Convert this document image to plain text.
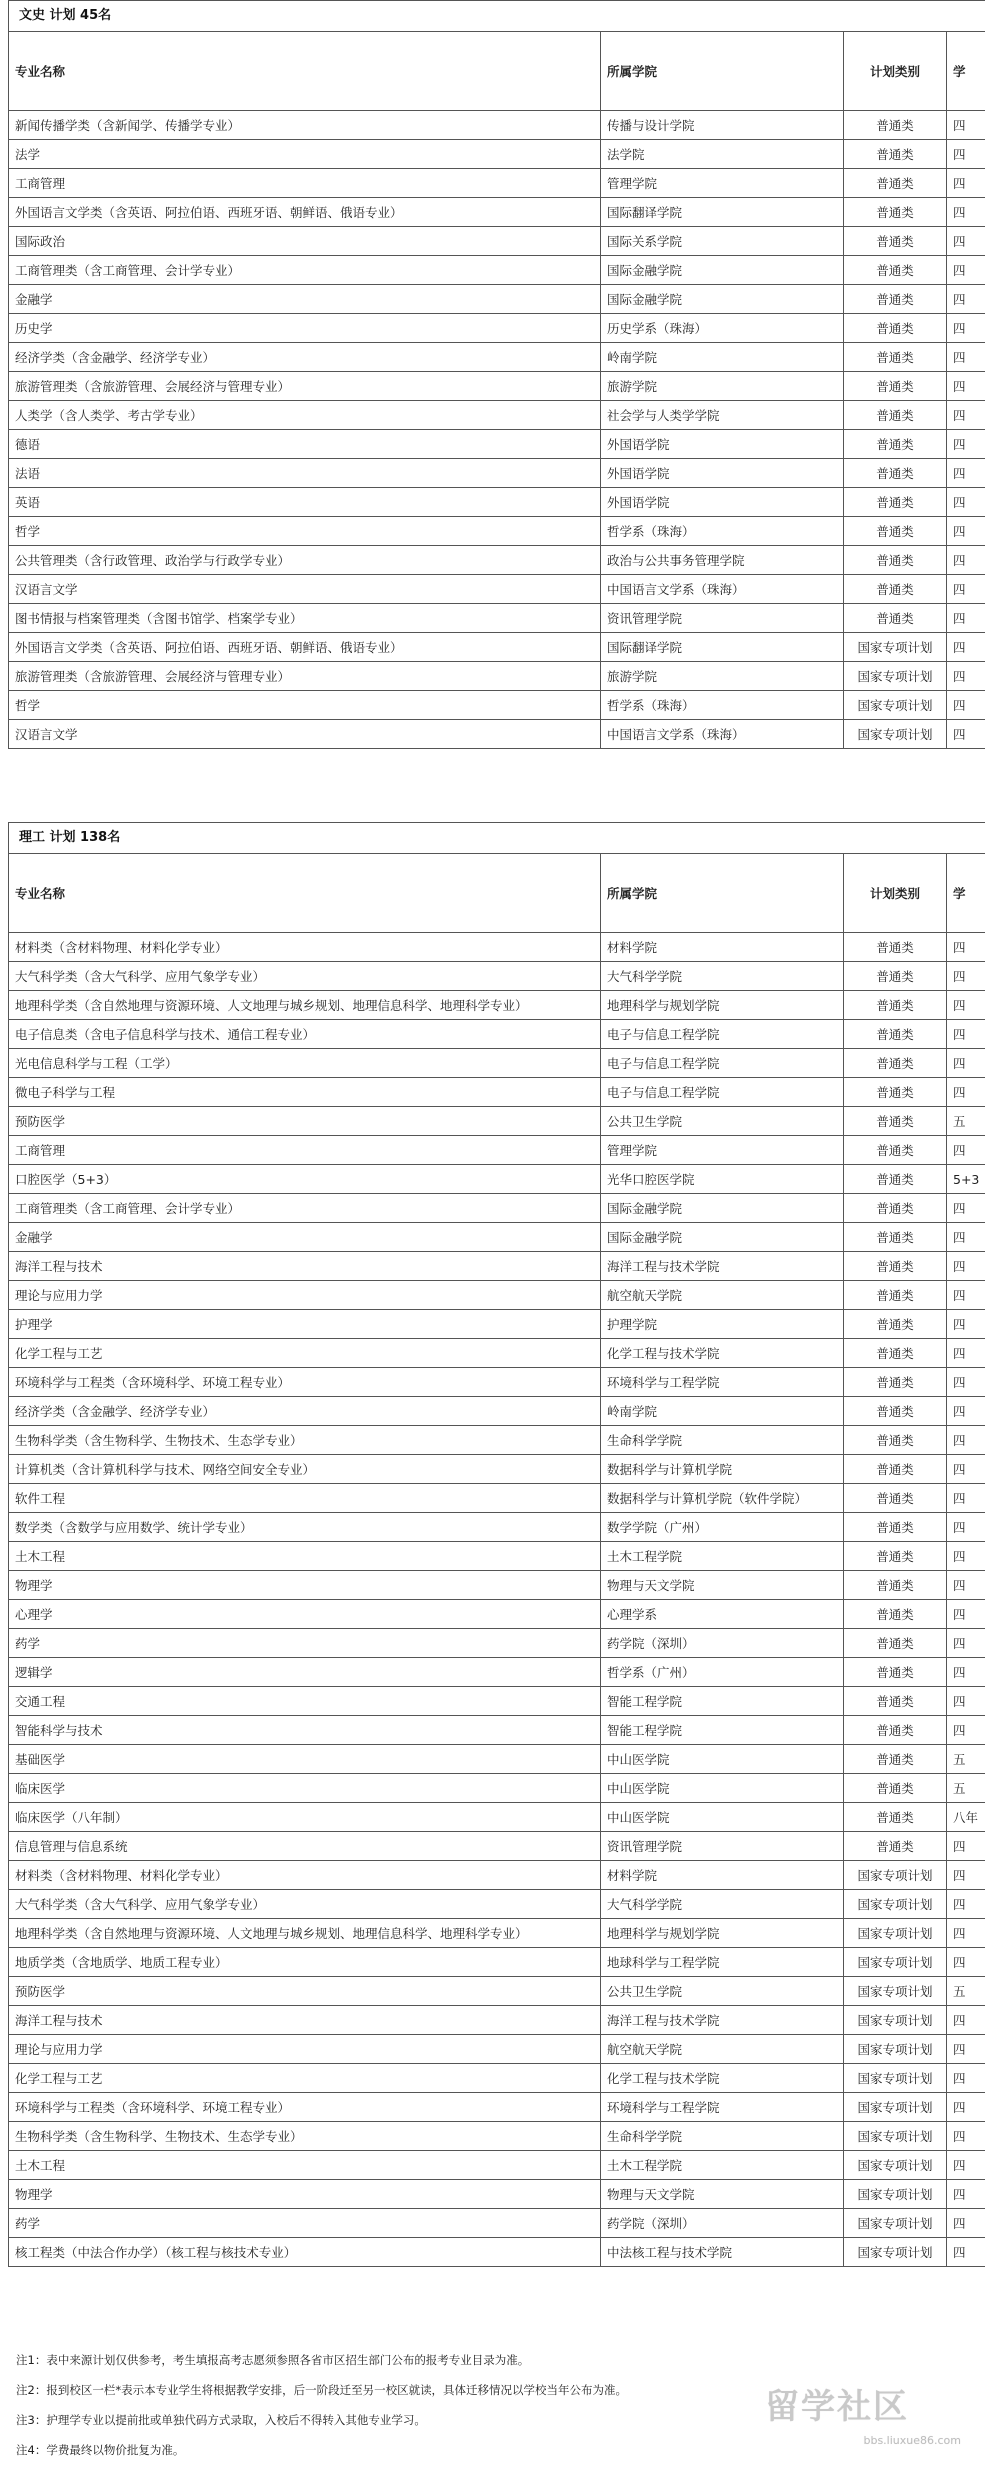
文史 计划 45名
专业名称	所属学院	计划类别	学
新闻传播学类（含新闻学、传播学专业）	传播与设计学院	普通类	四
法学	法学院	普通类	四
工商管理	管理学院	普通类	四
外国语言文学类（含英语、阿拉伯语、西班牙语、朝鲜语、俄语专业）	国际翻译学院	普通类	四
国际政治	国际关系学院	普通类	四
工商管理类（含工商管理、会计学专业）	国际金融学院	普通类	四
金融学	国际金融学院	普通类	四
历史学	历史学系（珠海）	普通类	四
经济学类（含金融学、经济学专业）	岭南学院	普通类	四
旅游管理类（含旅游管理、会展经济与管理专业）	旅游学院	普通类	四
人类学（含人类学、考古学专业）	社会学与人类学学院	普通类	四
德语	外国语学院	普通类	四
法语	外国语学院	普通类	四
英语	外国语学院	普通类	四
哲学	哲学系（珠海）	普通类	四
公共管理类（含行政管理、政治学与行政学专业）	政治与公共事务管理学院	普通类	四
汉语言文学	中国语言文学系（珠海）	普通类	四
图书情报与档案管理类（含图书馆学、档案学专业）	资讯管理学院	普通类	四
外国语言文学类（含英语、阿拉伯语、西班牙语、朝鲜语、俄语专业）	国际翻译学院	国家专项计划	四
旅游管理类（含旅游管理、会展经济与管理专业）	旅游学院	国家专项计划	四
哲学	哲学系（珠海）	国家专项计划	四
汉语言文学	中国语言文学系（珠海）	国家专项计划	四
理工 计划 138名
专业名称	所属学院	计划类别	学
材料类（含材料物理、材料化学专业）	材料学院	普通类	四
大气科学类（含大气科学、应用气象学专业）	大气科学学院	普通类	四
地理科学类（含自然地理与资源环境、人文地理与城乡规划、地理信息科学、地理科学专业）	地理科学与规划学院	普通类	四
电子信息类（含电子信息科学与技术、通信工程专业）	电子与信息工程学院	普通类	四
光电信息科学与工程（工学）	电子与信息工程学院	普通类	四
微电子科学与工程	电子与信息工程学院	普通类	四
预防医学	公共卫生学院	普通类	五
工商管理	管理学院	普通类	四
口腔医学（5+3）	光华口腔医学院	普通类	5+3
工商管理类（含工商管理、会计学专业）	国际金融学院	普通类	四
金融学	国际金融学院	普通类	四
海洋工程与技术	海洋工程与技术学院	普通类	四
理论与应用力学	航空航天学院	普通类	四
护理学	护理学院	普通类	四
化学工程与工艺	化学工程与技术学院	普通类	四
环境科学与工程类（含环境科学、环境工程专业）	环境科学与工程学院	普通类	四
经济学类（含金融学、经济学专业）	岭南学院	普通类	四
生物科学类（含生物科学、生物技术、生态学专业）	生命科学学院	普通类	四
计算机类（含计算机科学与技术、网络空间安全专业）	数据科学与计算机学院	普通类	四
软件工程	数据科学与计算机学院（软件学院）	普通类	四
数学类（含数学与应用数学、统计学专业）	数学学院（广州）	普通类	四
土木工程	土木工程学院	普通类	四
物理学	物理与天文学院	普通类	四
心理学	心理学系	普通类	四
药学	药学院（深圳）	普通类	四
逻辑学	哲学系（广州）	普通类	四
交通工程	智能工程学院	普通类	四
智能科学与技术	智能工程学院	普通类	四
基础医学	中山医学院	普通类	五
临床医学	中山医学院	普通类	五
临床医学（八年制）	中山医学院	普通类	八年
信息管理与信息系统	资讯管理学院	普通类	四
材料类（含材料物理、材料化学专业）	材料学院	国家专项计划	四
大气科学类（含大气科学、应用气象学专业）	大气科学学院	国家专项计划	四
地理科学类（含自然地理与资源环境、人文地理与城乡规划、地理信息科学、地理科学专业）	地理科学与规划学院	国家专项计划	四
地质学类（含地质学、地质工程专业）	地球科学与工程学院	国家专项计划	四
预防医学	公共卫生学院	国家专项计划	五
海洋工程与技术	海洋工程与技术学院	国家专项计划	四
理论与应用力学	航空航天学院	国家专项计划	四
化学工程与工艺	化学工程与技术学院	国家专项计划	四
环境科学与工程类（含环境科学、环境工程专业）	环境科学与工程学院	国家专项计划	四
生物科学类（含生物科学、生物技术、生态学专业）	生命科学学院	国家专项计划	四
土木工程	土木工程学院	国家专项计划	四
物理学	物理与天文学院	国家专项计划	四
药学	药学院（深圳）	国家专项计划	四
核工程类（中法合作办学）（核工程与核技术专业）	中法核工程与技术学院	国家专项计划	四
注1：表中来源计划仅供参考，考生填报高考志愿须参照各省市区招生部门公布的报考专业目录为准。
注2：报到校区一栏*表示本专业学生将根据教学安排，后一阶段迁至另一校区就读，具体迁移情况以学校当年公布为准。
注3：护理学专业以提前批或单独代码方式录取，入校后不得转入其他专业学习。
注4：学费最终以物价批复为准。
留学社区
bbs.liuxue86.com
